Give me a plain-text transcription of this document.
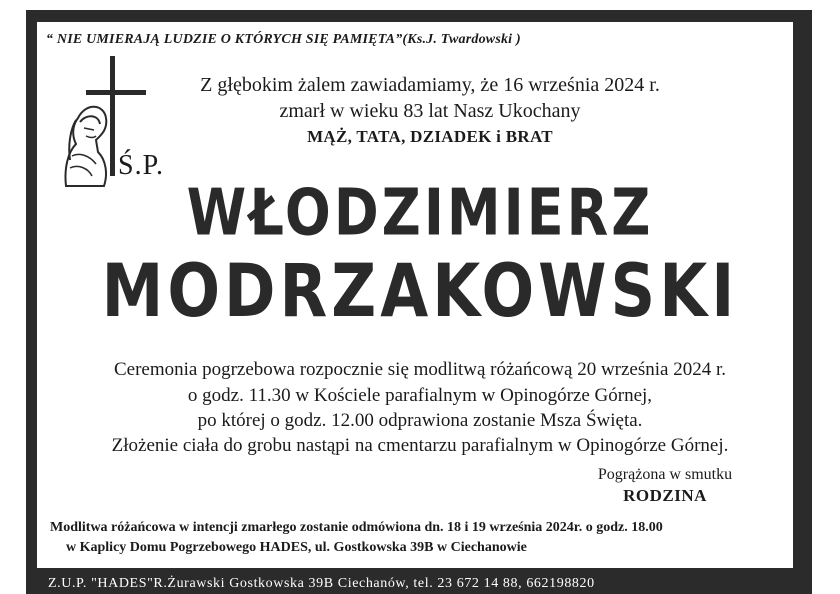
“ NIE UMIERAJĄ LUDZIE O KTÓRYCH SIĘ PAMIĘTA”(Ks.J. Twardowski )
Z głębokim żalem zawiadamiamy, że 16 września 2024 r.
zmarł w wieku 83 lat Nasz Ukochany
MĄŻ, TATA, DZIADEK i BRAT
Ś.P.
WŁODZIMIERZ
MODRZAKOWSKI
Ceremonia pogrzebowa rozpocznie się modlitwą różańcową 20 września 2024 r.
o godz. 11.30 w Kościele parafialnym w Opinogórze Górnej,
po której o godz. 12.00 odprawiona zostanie Msza Święta.
Złożenie ciała do grobu nastąpi na cmentarzu parafialnym w Opinogórze Górnej.
Pogrążona w smutku
RODZINA
Modlitwa różańcowa w intencji zmarłego zostanie odmówiona dn. 18 i 19 września 2024r. o godz. 18.00
w Kaplicy Domu Pogrzebowego HADES, ul. Gostkowska 39B w Ciechanowie
Z.U.P. "HADES"R.Żurawski Gostkowska 39B Ciechanów, tel. 23 672 14 88, 662198820
